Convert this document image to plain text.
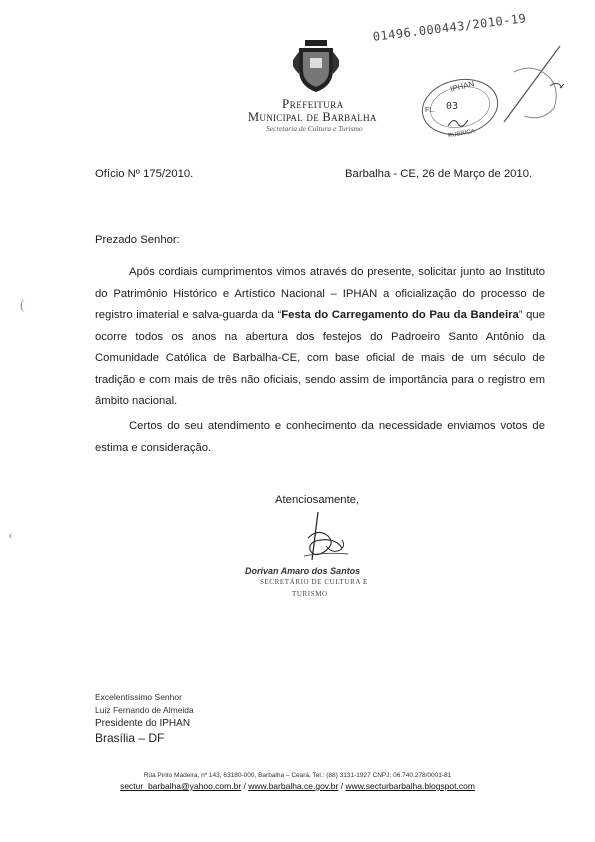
Prefeitura
Municipal de Barbalha
Secretaria de Cultura e Turismo
01496.000443/2010-19
IPHAN
FL. 03
RUBRICA
Ofício Nº 175/2010.	Barbalha - CE, 26 de Março de 2010.
Prezado Senhor:
(
‹
Após cordiais cumprimentos vimos através do presente, solicitar junto ao Instituto do Patrimônio Histórico e Artístico Nacional – IPHAN a oficialização do processo de registro imaterial e salva-guarda da “Festa do Carregamento do Pau da Bandeira” que ocorre todos os anos na abertura dos festejos do Padroeiro Santo Antônio da Comunidade Católica de Barbalha-CE, com base oficial de mais de um século de tradição e com mais de três não oficiais, sendo assim de importância para o registro em âmbito nacional.
Certos do seu atendimento e conhecimento da necessidade enviamos votos de estima e consideração.
Atenciosamente,
Dorivan Amaro dos Santos
SECRETÁRIO DE CULTURA E
TURISMO
Excelentíssimo Senhor
Luiz Fernando de Almeida
Presidente do IPHAN
Brasília – DF
Rua Pinto Madeira, nº 143, 63180-000, Barbalha – Ceará, Tel.: (88) 3131-1927 CNPJ: 06.740.278/0001-81
sectur_barbalha@yahoo.com.br / www.barbalha.ce.gov.br / www.secturbarbalha.blogspot.com
